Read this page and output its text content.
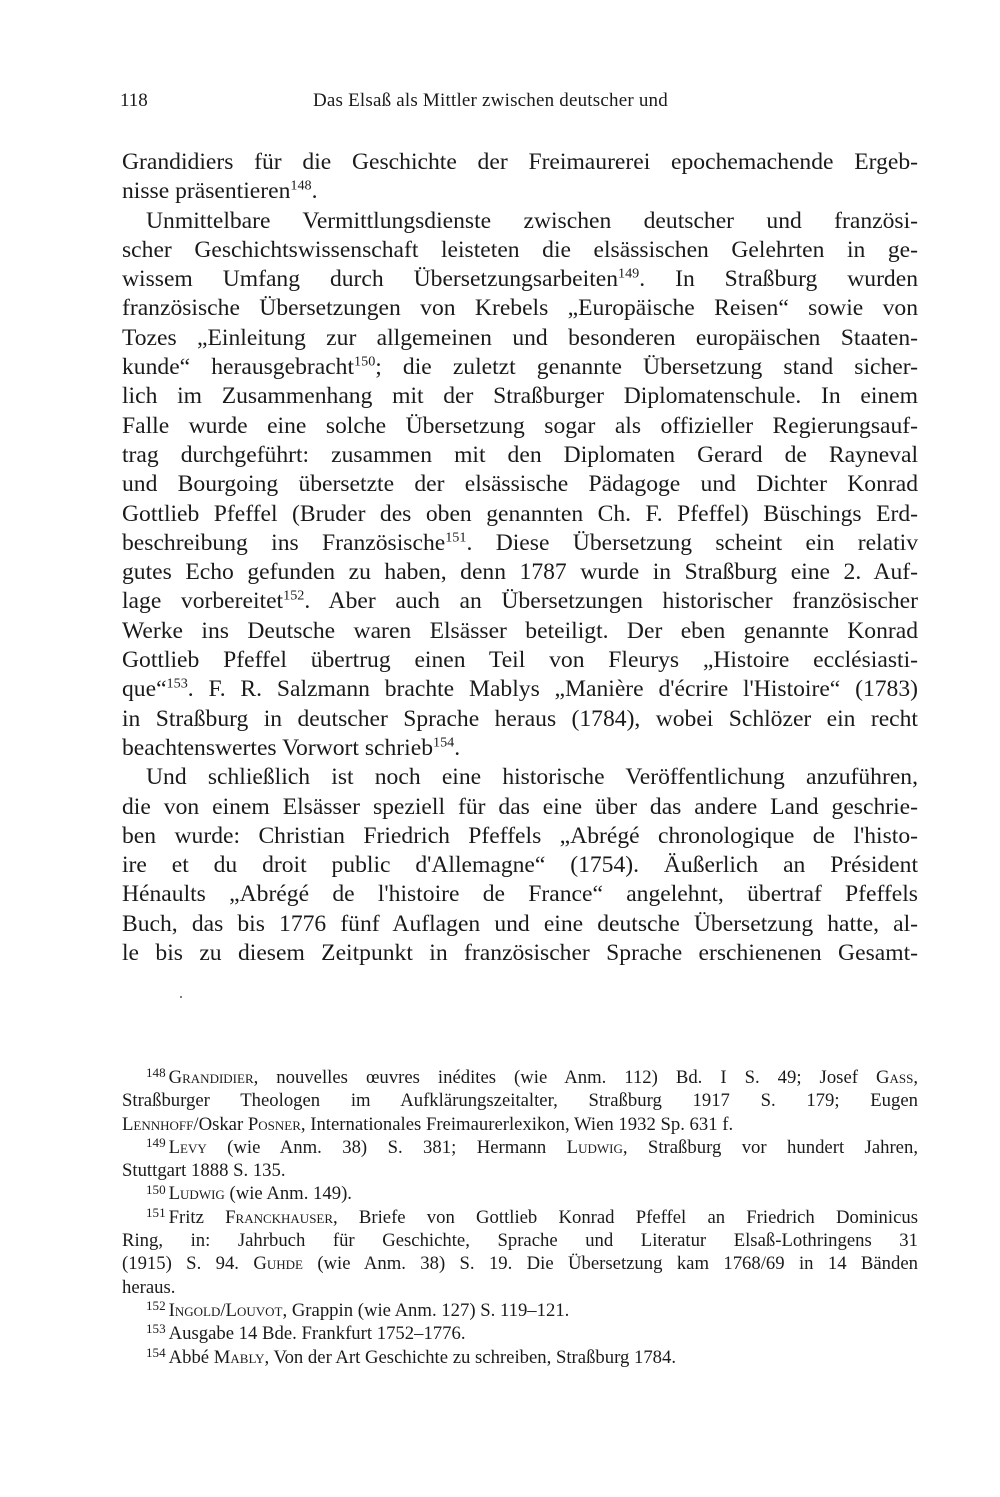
118	Das Elsaß als Mittler zwischen deutscher und
Grandidiers für die Geschichte der Freimaurerei epochemachende Ergeb-
nisse präsentieren$^{148}$.
Unmittelbare Vermittlungsdienste zwischen deutscher und französi-
scher Geschichtswissenschaft leisteten die elsässischen Gelehrten in ge-
wissem Umfang durch Übersetzungsarbeiten$^{149}$. In Straßburg wurden
französische Übersetzungen von Krebels „Europäische Reisen“ sowie von
Tozes „Einleitung zur allgemeinen und besonderen europäischen Staaten-
kunde“ herausgebracht$^{150}$; die zuletzt genannte Übersetzung stand sicher-
lich im Zusammenhang mit der Straßburger Diplomatenschule. In einem
Falle wurde eine solche Übersetzung sogar als offizieller Regierungsauf-
trag durchgeführt: zusammen mit den Diplomaten Gerard de Rayneval
und Bourgoing übersetzte der elsässische Pädagoge und Dichter Konrad
Gottlieb Pfeffel (Bruder des oben genannten Ch. F. Pfeffel) Büschings Erd-
beschreibung ins Französische$^{151}$. Diese Übersetzung scheint ein relativ
gutes Echo gefunden zu haben, denn 1787 wurde in Straßburg eine 2. Auf-
lage vorbereitet$^{152}$. Aber auch an Übersetzungen historischer französischer
Werke ins Deutsche waren Elsässer beteiligt. Der eben genannte Konrad
Gottlieb Pfeffel übertrug einen Teil von Fleurys „Histoire ecclésiasti-
que“$^{153}$. F. R. Salzmann brachte Mablys „Manière d'écrire l'Histoire“ (1783)
in Straßburg in deutscher Sprache heraus (1784), wobei Schlözer ein recht
beachtenswertes Vorwort schrieb$^{154}$.
Und schließlich ist noch eine historische Veröffentlichung anzuführen,
die von einem Elsässer speziell für das eine über das andere Land geschrie-
ben wurde: Christian Friedrich Pfeffels „Abrégé chronologique de l'histo-
ire et du droit public d'Allemagne“ (1754). Äußerlich an Président
Hénaults „Abrégé de l'histoire de France“ angelehnt, übertraf Pfeffels
Buch, das bis 1776 fünf Auflagen und eine deutsche Übersetzung hatte, al-
le bis zu diesem Zeitpunkt in französischer Sprache erschienenen Gesamt-
$^{148}$ Grandidier, nouvelles œuvres inédites (wie Anm. 112) Bd. I S. 49; Josef Gass,
Straßburger Theologen im Aufklärungszeitalter, Straßburg 1917 S. 179; Eugen
Lennhoff/Oskar Posner, Internationales Freimaurerlexikon, Wien 1932 Sp. 631 f.
$^{149}$ Levy (wie Anm. 38) S. 381; Hermann Ludwig, Straßburg vor hundert Jahren,
Stuttgart 1888 S. 135.
$^{150}$ Ludwig (wie Anm. 149).
$^{151}$ Fritz Franckhauser, Briefe von Gottlieb Konrad Pfeffel an Friedrich Dominicus
Ring, in: Jahrbuch für Geschichte, Sprache und Literatur Elsaß-Lothringens 31
(1915) S. 94. Guhde (wie Anm. 38) S. 19. Die Übersetzung kam 1768/69 in 14 Bänden
heraus.
$^{152}$ Ingold/Louvot, Grappin (wie Anm. 127) S. 119–121.
$^{153}$ Ausgabe 14 Bde. Frankfurt 1752–1776.
$^{154}$ Abbé Mably, Von der Art Geschichte zu schreiben, Straßburg 1784.
